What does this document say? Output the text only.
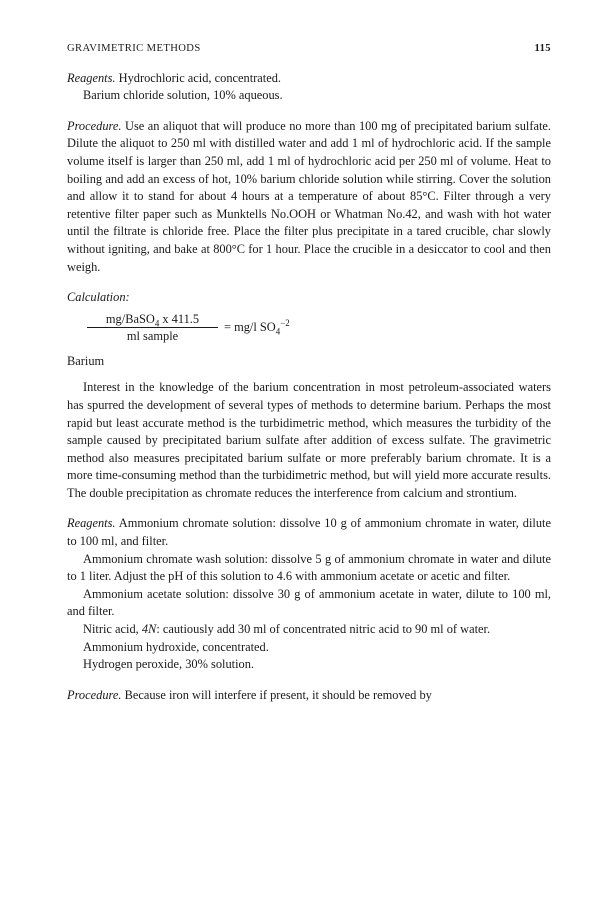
GRAVIMETRIC METHODS	115

Reagents. Hydrochloric acid, concentrated.

Barium chloride solution, 10% aqueous.

Procedure. Use an aliquot that will produce no more than 100 mg of precipitated barium sulfate. Dilute the aliquot to 250 ml with distilled water and add 1 ml of hydrochloric acid. If the sample volume itself is larger than 250 ml, add 1 ml of hydrochloric acid per 250 ml of volume. Heat to boiling and add an excess of hot, 10% barium chloride solution while stirring. Cover the solution and allow it to stand for about 4 hours at a temperature of about 85°C. Filter through a very retentive filter paper such as Munktells No.OOH or Whatman No.42, and wash with hot water until the filtrate is chloride free. Place the filter plus precipitate in a tared crucible, char slowly without igniting, and bake at 800°C for 1 hour. Place the crucible in a desiccator to cool and then weigh.

Calculation:
mg/BaSO$_4$ x 411.5
ml sample
= mg/l $SO_4^{-2}$
Barium

Interest in the knowledge of the barium concentration in most petroleum-associated waters has spurred the development of several types of methods to determine barium. Perhaps the most rapid but least accurate method is the turbidimetric method, which measures the turbidity of the sample caused by precipitated barium sulfate after addition of excess sulfate. The gravimetric method also measures precipitated barium sulfate or more preferably barium chromate. It is a more time-consuming method than the turbidimetric method, but will yield more accurate results. The double precipitation as chromate reduces the interference from calcium and strontium.

Reagents. Ammonium chromate solution: dissolve 10 g of ammonium chromate in water, dilute to 100 ml, and filter.

Ammonium chromate wash solution: dissolve 5 g of ammonium chromate in water and dilute to 1 liter. Adjust the pH of this solution to 4.6 with ammonium acetate or acetic and filter.

Ammonium acetate solution: dissolve 30 g of ammonium acetate in water, dilute to 100 ml, and filter.

Nitric acid, 4N: cautiously add 30 ml of concentrated nitric acid to 90 ml of water.

Ammonium hydroxide, concentrated.

Hydrogen peroxide, 30% solution.

Procedure. Because iron will interfere if present, it should be removed by
